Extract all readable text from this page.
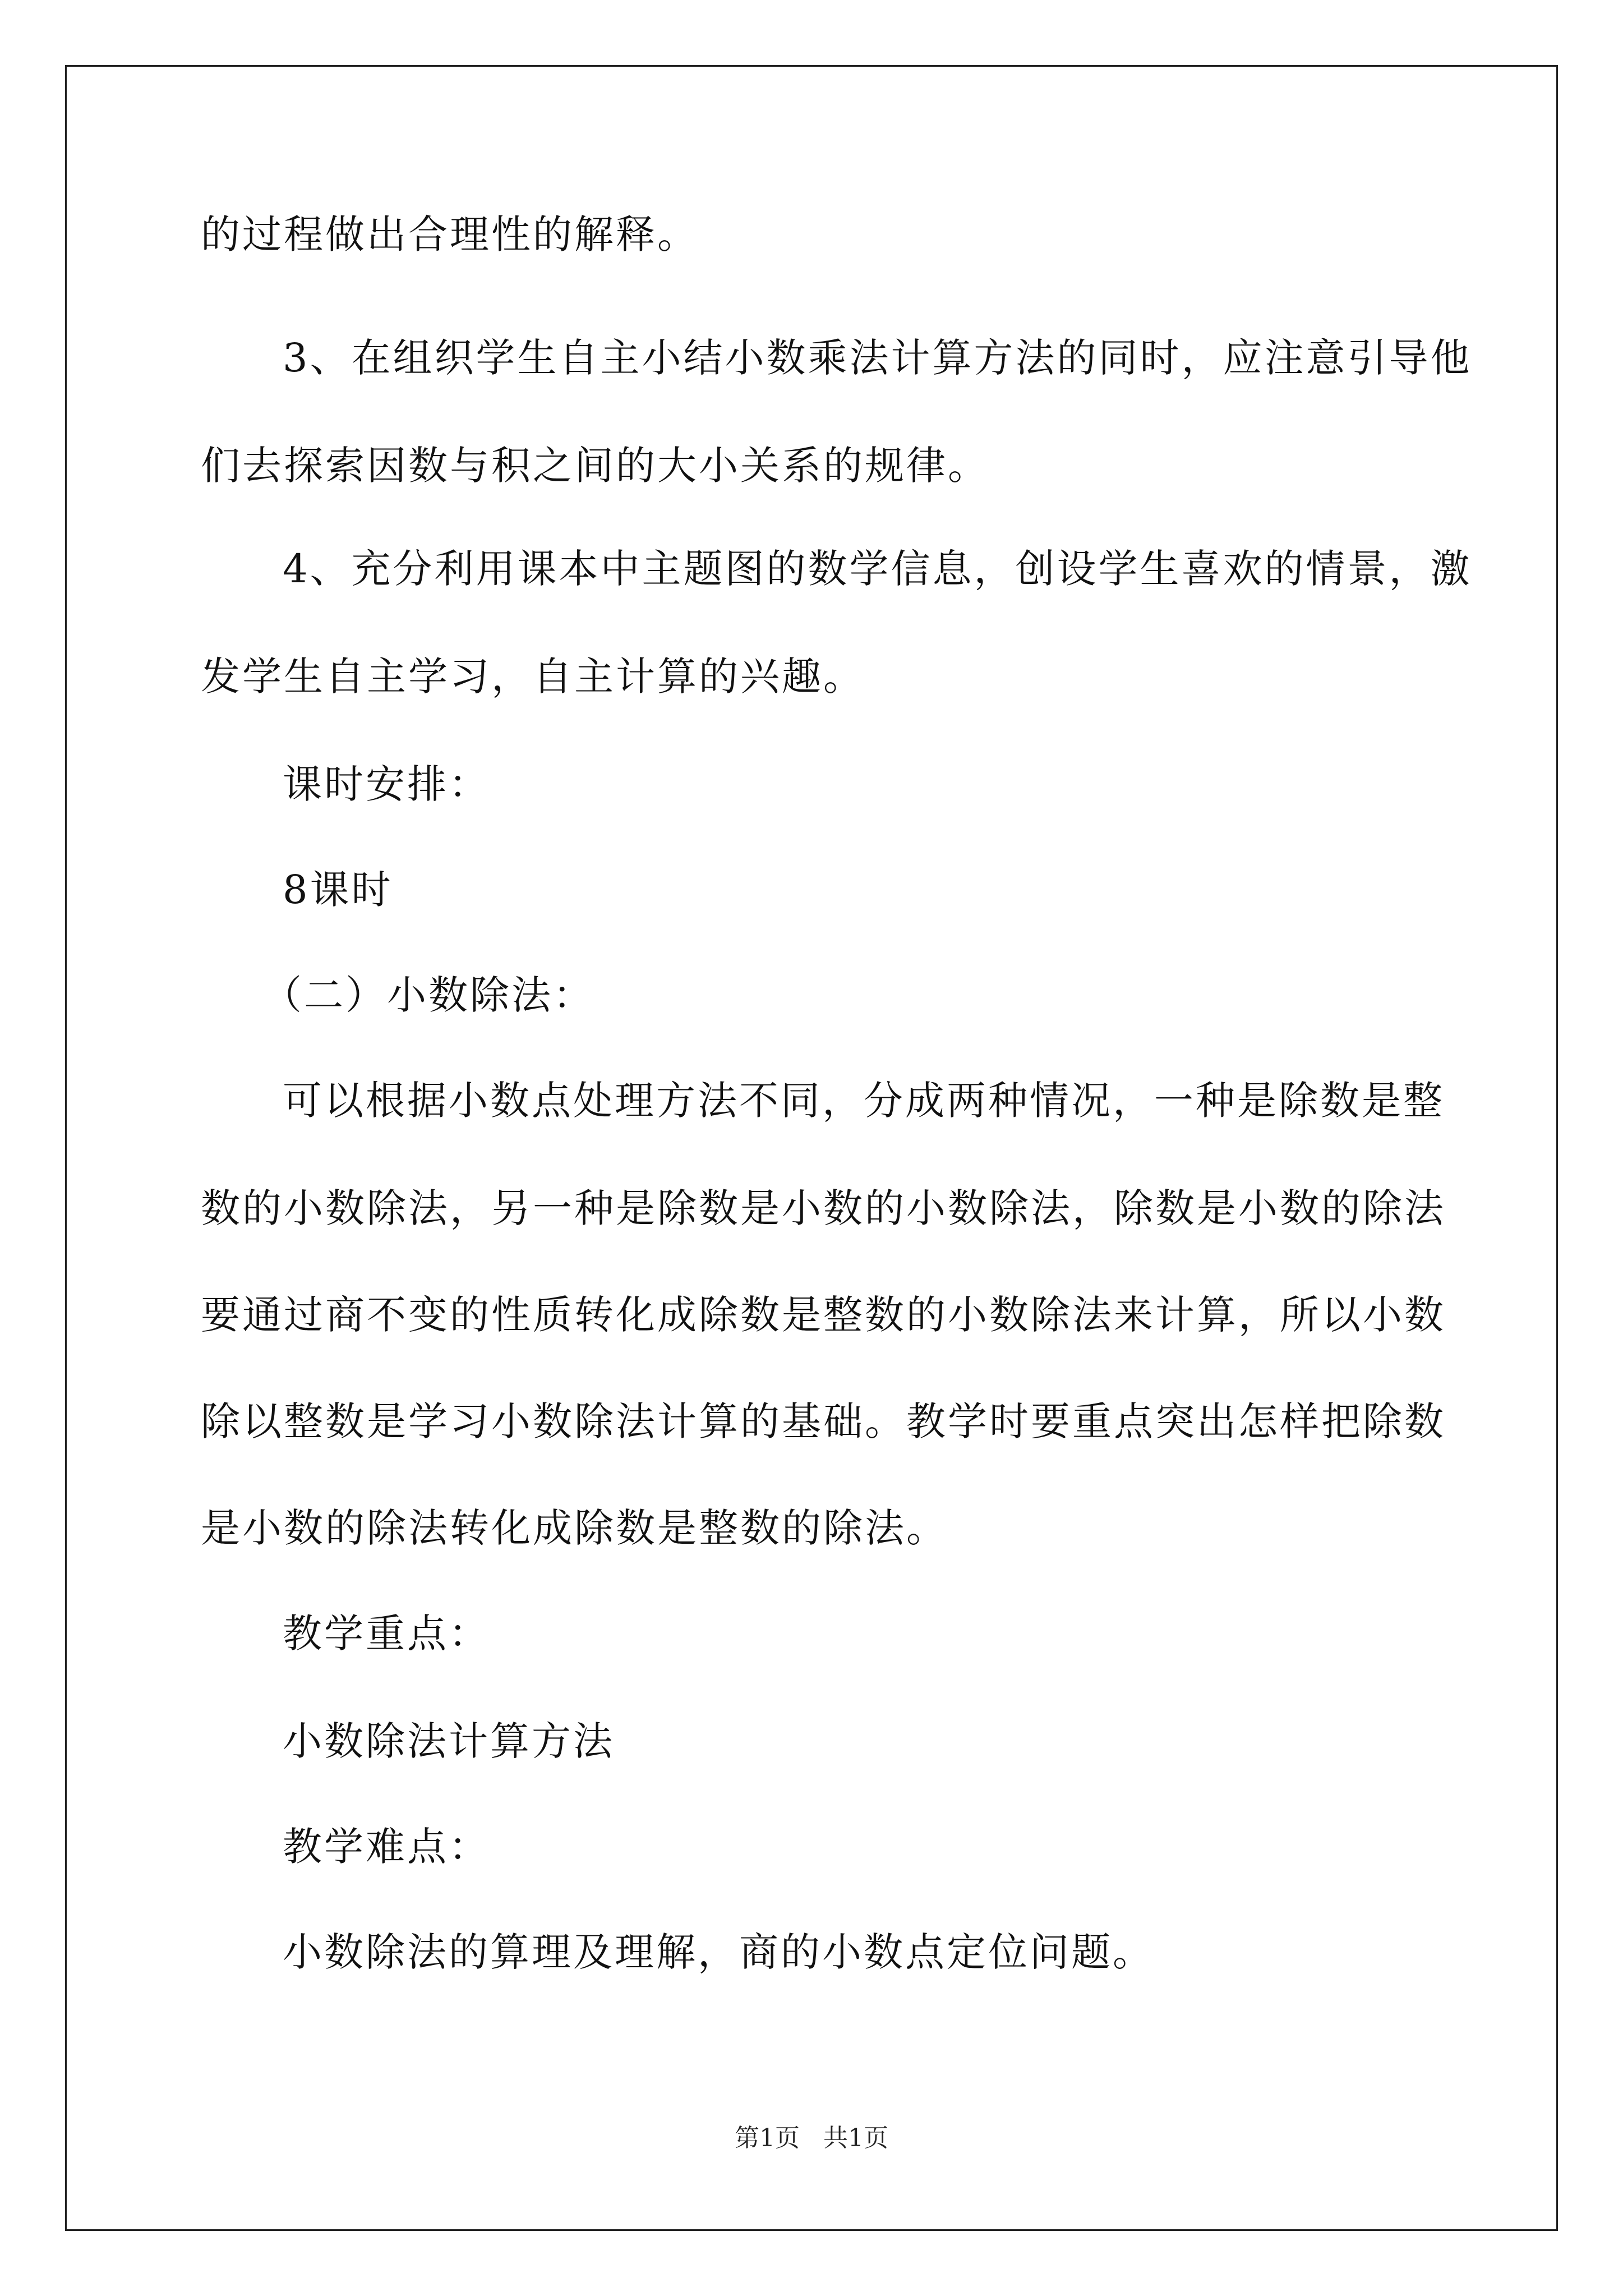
的过程做出合理性的解释。
3、在组织学生自主小结小数乘法计算方法的同时，应注意引导他
们去探索因数与积之间的大小关系的规律。
4、充分利用课本中主题图的数学信息，创设学生喜欢的情景，激
发学生自主学习，自主计算的兴趣。
课时安排：
8课时
（二）小数除法：
可以根据小数点处理方法不同，分成两种情况，一种是除数是整
数的小数除法，另一种是除数是小数的小数除法，除数是小数的除法
要通过商不变的性质转化成除数是整数的小数除法来计算，所以小数
除以整数是学习小数除法计算的基础。教学时要重点突出怎样把除数
是小数的除法转化成除数是整数的除法。
教学重点：
小数除法计算方法
教学难点：
小数除法的算理及理解，商的小数点定位问题。
第1页   共1页
